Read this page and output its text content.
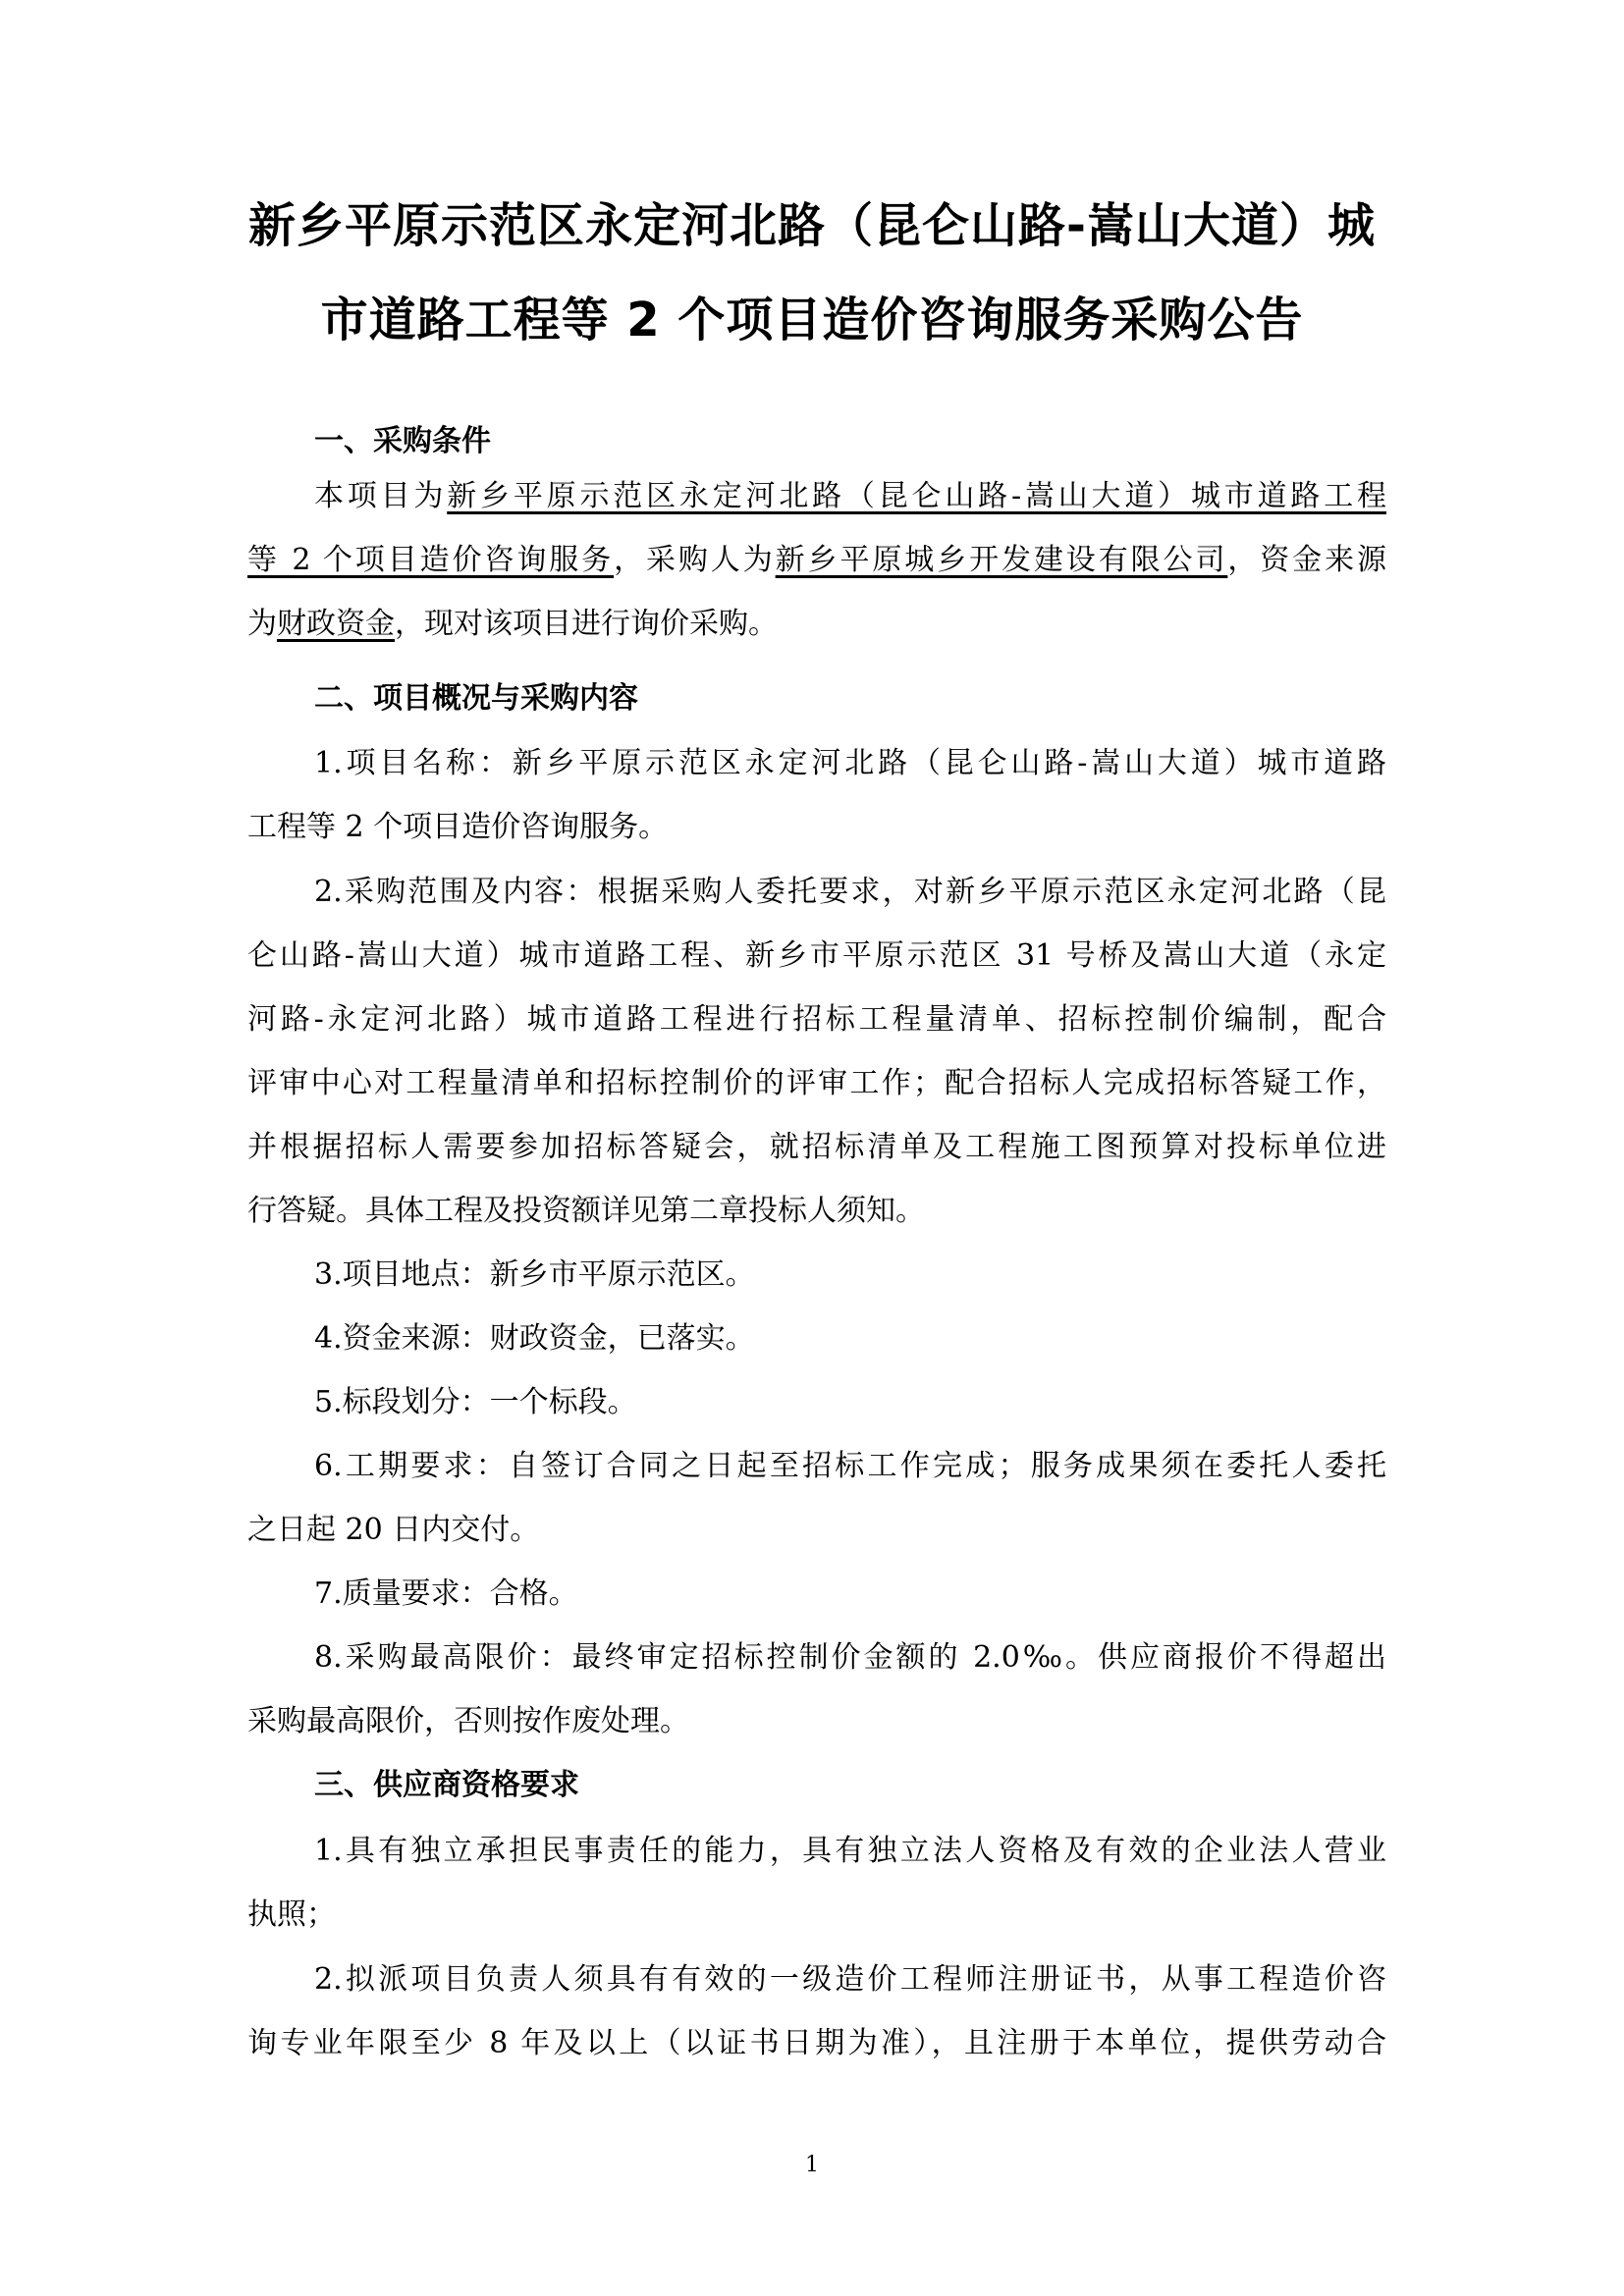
新乡平原示范区永定河北路（昆仑山路-嵩山大道）城
市道路工程等 2 个项目造价咨询服务采购公告
一、采购条件
本项目为新乡平原示范区永定河北路（昆仑山路-嵩山大道）城市道路工程
等 2 个项目造价咨询服务，采购人为新乡平原城乡开发建设有限公司，资金来源
为财政资金，现对该项目进行询价采购。
二、项目概况与采购内容
1.项目名称：新乡平原示范区永定河北路（昆仑山路-嵩山大道）城市道路
工程等 2 个项目造价咨询服务。
2.采购范围及内容：根据采购人委托要求，对新乡平原示范区永定河北路（昆
仑山路-嵩山大道）城市道路工程、新乡市平原示范区 31 号桥及嵩山大道（永定
河路-永定河北路）城市道路工程进行招标工程量清单、招标控制价编制，配合
评审中心对工程量清单和招标控制价的评审工作；配合招标人完成招标答疑工作，
并根据招标人需要参加招标答疑会，就招标清单及工程施工图预算对投标单位进
行答疑。具体工程及投资额详见第二章投标人须知。
3.项目地点：新乡市平原示范区。
4.资金来源：财政资金，已落实。
5.标段划分：一个标段。
6.工期要求：自签订合同之日起至招标工作完成；服务成果须在委托人委托
之日起 20 日内交付。
7.质量要求：合格。
8.采购最高限价：最终审定招标控制价金额的 2.0‰。供应商报价不得超出
采购最高限价，否则按作废处理。
三、供应商资格要求
1.具有独立承担民事责任的能力，具有独立法人资格及有效的企业法人营业
执照；
2.拟派项目负责人须具有有效的一级造价工程师注册证书，从事工程造价咨
询专业年限至少 8 年及以上（以证书日期为准），且注册于本单位，提供劳动合
1
